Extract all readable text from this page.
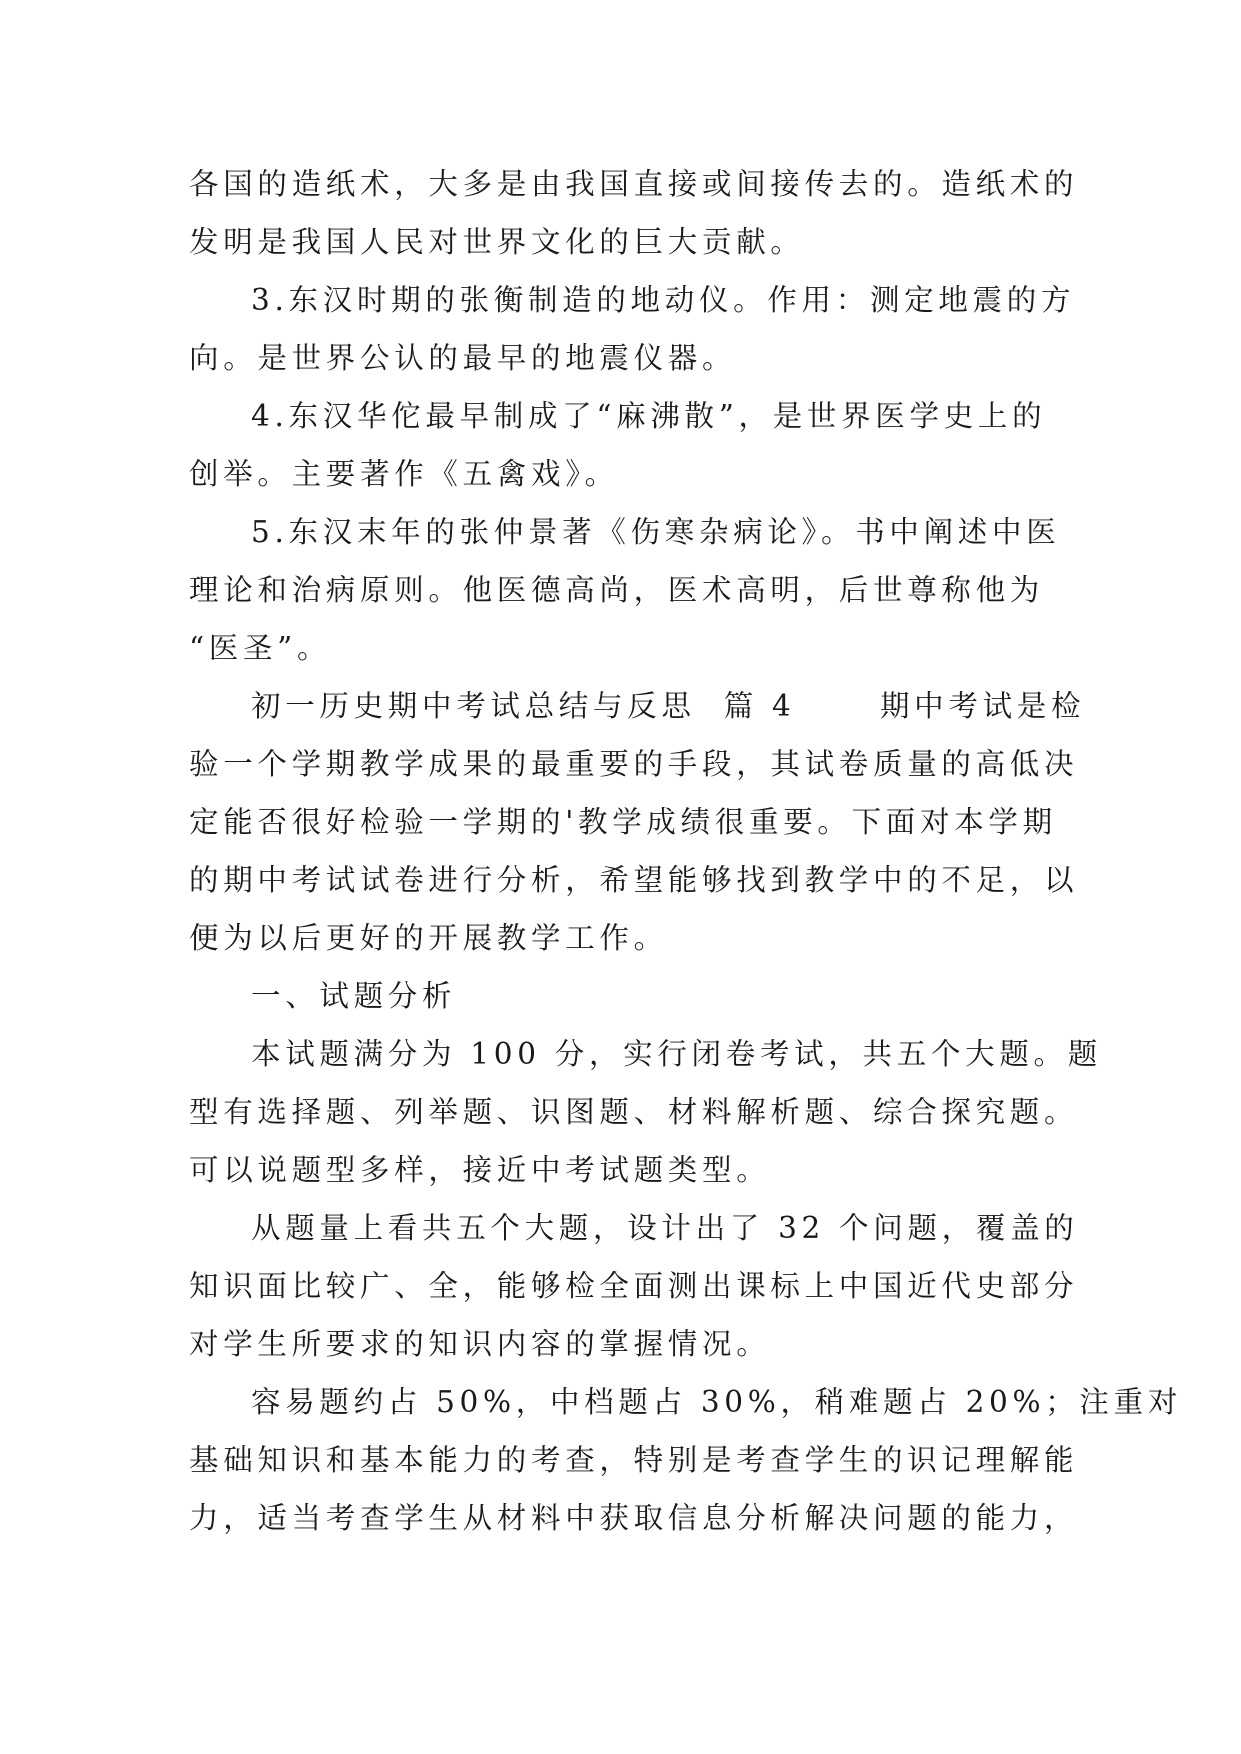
各国的造纸术，大多是由我国直接或间接传去的。造纸术的
发明是我国人民对世界文化的巨大贡献。
3.东汉时期的张衡制造的地动仪。作用：测定地震的方
向。是世界公认的最早的地震仪器。
4.东汉华佗最早制成了“麻沸散”，是世界医学史上的
创举。主要著作《五禽戏》。
5.东汉末年的张仲景著《伤寒杂病论》。书中阐述中医
理论和治病原则。他医德高尚，医术高明，后世尊称他为
“医圣”。
初一历史期中考试总结与反思  篇 4      期中考试是检
验一个学期教学成果的最重要的手段，其试卷质量的高低决
定能否很好检验一学期的'教学成绩很重要。下面对本学期
的期中考试试卷进行分析，希望能够找到教学中的不足，以
便为以后更好的开展教学工作。
一、试题分析
本试题满分为 100 分，实行闭卷考试，共五个大题。题
型有选择题、列举题、识图题、材料解析题、综合探究题。
可以说题型多样，接近中考试题类型。
从题量上看共五个大题，设计出了 32 个问题，覆盖的
知识面比较广、全，能够检全面测出课标上中国近代史部分
对学生所要求的知识内容的掌握情况。
容易题约占 50%，中档题占 30%，稍难题占 20%；注重对
基础知识和基本能力的考查，特别是考查学生的识记理解能
力，适当考查学生从材料中获取信息分析解决问题的能力，
